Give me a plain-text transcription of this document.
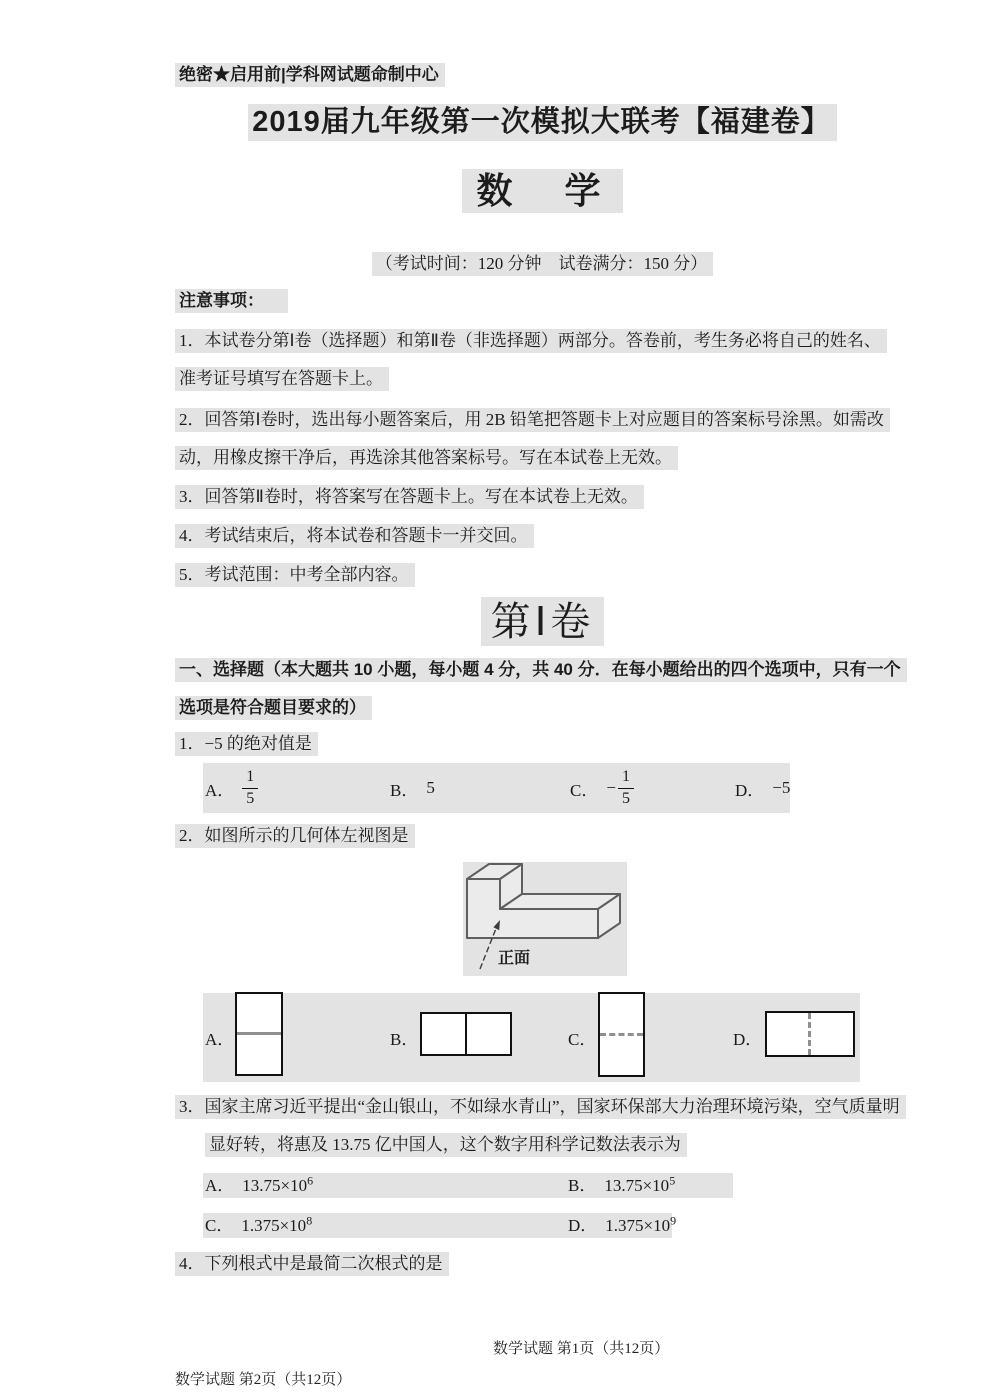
绝密★启用前|学科网试题命制中心
2019届九年级第一次模拟大联考【福建卷】
数　学
（考试时间：120 分钟　试卷满分：150 分）
注意事项：
1．本试卷分第Ⅰ卷（选择题）和第Ⅱ卷（非选择题）两部分。答卷前，考生务必将自己的姓名、
准考证号填写在答题卡上。
2．回答第Ⅰ卷时，选出每小题答案后，用 2B 铅笔把答题卡上对应题目的答案标号涂黑。如需改
动，用橡皮擦干净后，再选涂其他答案标号。写在本试卷上无效。
3．回答第Ⅱ卷时，将答案写在答题卡上。写在本试卷上无效。
4．考试结束后，将本试卷和答题卡一并交回。
5．考试范围：中考全部内容。
第Ⅰ卷
一、选择题（本大题共 10 小题，每小题 4 分，共 40 分．在每小题给出的四个选项中，只有一个
选项是符合题目要求的）
1．−5 的绝对值是
A． $\frac{1}{5}$	B． 5	C． − $\frac{1}{5}$	D． −5
2．如图所示的几何体左视图是
正面
A．	B．	C．	D．
3．国家主席习近平提出“金山银山，不如绿水青山”，国家环保部大力治理环境污染，空气质量明
显好转，将惠及 13.75 亿中国人，这个数字用科学记数法表示为
A． $13.75\times 10^6$	B． $13.75\times 10^5$
C． $1.375\times 10^8$	D． $1.375\times 10^9$
4．下列根式中是最简二次根式的是
数学试题 第1页（共12页）
数学试题 第2页（共12页）
